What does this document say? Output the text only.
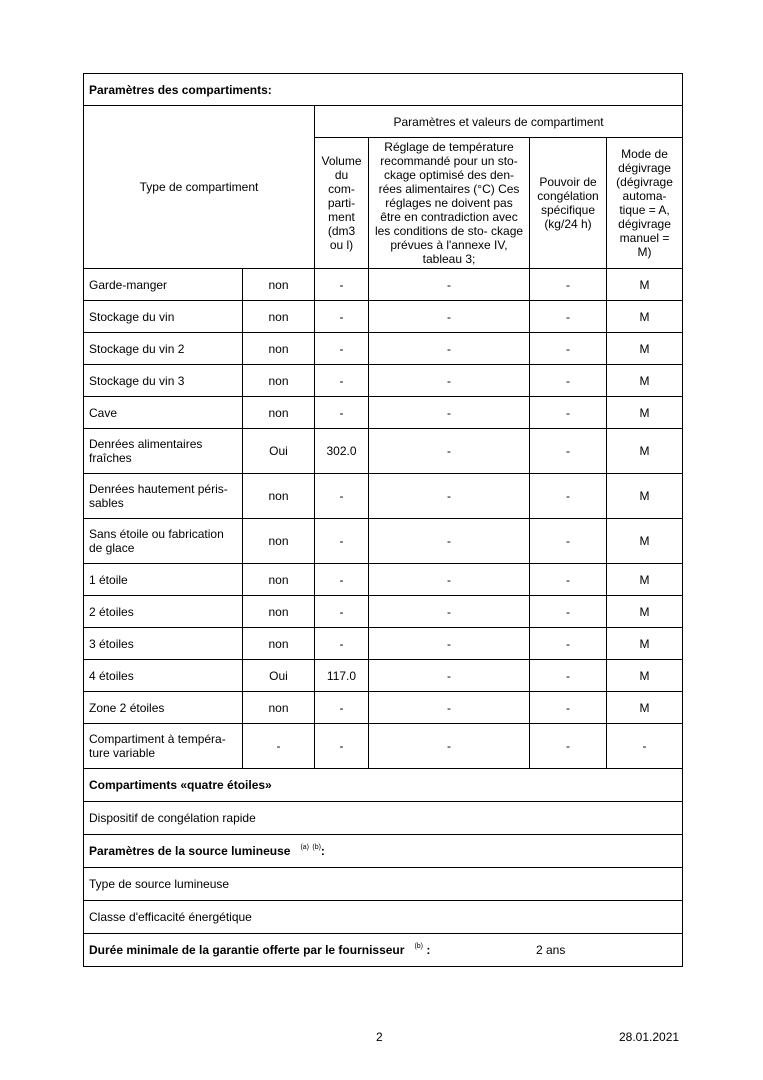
Paramètres des compartiments:					
Type de compartiment		Paramètres et valeurs de compartiment			
		Volume du com- parti- ment (dm3 ou l)	Réglage de température recommandé pour un sto- ckage optimisé des den- rées alimentaires (°C) Ces réglages ne doivent pas être en contradiction avec les conditions de sto- ckage prévues à l'annexe IV, tableau 3;	Pouvoir de congélation spécifique (kg/24 h)	Mode de dégivrage (dégivrage automa- tique = A, dégivrage manuel = M)
Garde-manger	non	-	-	-	M
Stockage du vin	non	-	-	-	M
Stockage du vin 2	non	-	-	-	M
Stockage du vin 3	non	-	-	-	M
Cave	non	-	-	-	M
Denrées alimentaires fraîches	Oui	302.0	-	-	M
Denrées hautement péris- sables	non	-	-	-	M
Sans étoile ou fabrication de glace	non	-	-	-	M
1 étoile	non	-	-	-	M
2 étoiles	non	-	-	-	M
3 étoiles	non	-	-	-	M
4 étoiles	Oui	117.0	-	-	M
Zone 2 étoiles	non	-	-	-	M
Compartiment à tempéra- ture variable	-	-	-	-	-
Compartiments «quatre étoiles»					
Dispositif de congélation rapide					
Paramètres de la source lumineuse $^{(a)}$ $^{(b)}$:					
Type de source lumineuse					
Classe d'efficacité énergétique					
Durée minimale de la garantie offerte par le fournisseur $^{(b)}$ : 2 ans					
2	28.01.2021
